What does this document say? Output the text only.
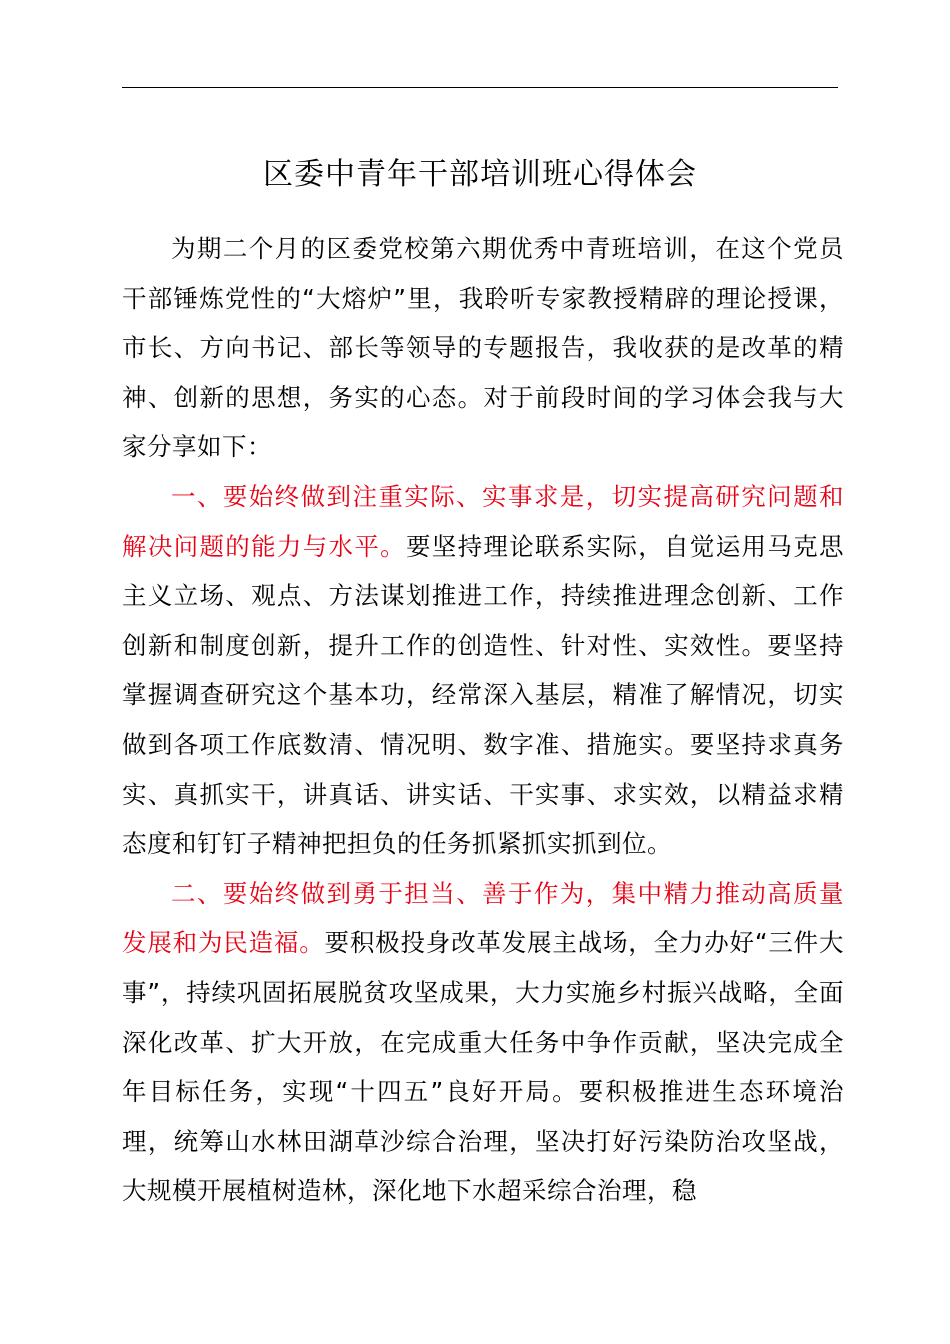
区委中青年干部培训班心得体会

为期二个月的区委党校第六期优秀中青班培训，在这个党员干部锤炼党性的“大熔炉”里，我聆听专家教授精辟的理论授课，市长、方向书记、部长等领导的专题报告，我收获的是改革的精神、创新的思想，务实的心态。对于前段时间的学习体会我与大家分享如下：

一、要始终做到注重实际、实事求是，切实提高研究问题和解决问题的能力与水平。要坚持理论联系实际，自觉运用马克思主义立场、观点、方法谋划推进工作，持续推进理念创新、工作创新和制度创新，提升工作的创造性、针对性、实效性。要坚持掌握调查研究这个基本功，经常深入基层，精准了解情况，切实做到各项工作底数清、情况明、数字准、措施实。要坚持求真务实、真抓实干，讲真话、讲实话、干实事、求实效，以精益求精态度和钉钉子精神把担负的任务抓紧抓实抓到位。

二、要始终做到勇于担当、善于作为，集中精力推动高质量发展和为民造福。要积极投身改革发展主战场，全力办好“三件大事”，持续巩固拓展脱贫攻坚成果，大力实施乡村振兴战略，全面深化改革、扩大开放，在完成重大任务中争作贡献，坚决完成全年目标任务，实现“十四五”良好开局。要积极推进生态环境治理，统筹山水林田湖草沙综合治理，坚决打好污染防治攻坚战，大规模开展植树造林，深化地下水超采综合治理，稳
